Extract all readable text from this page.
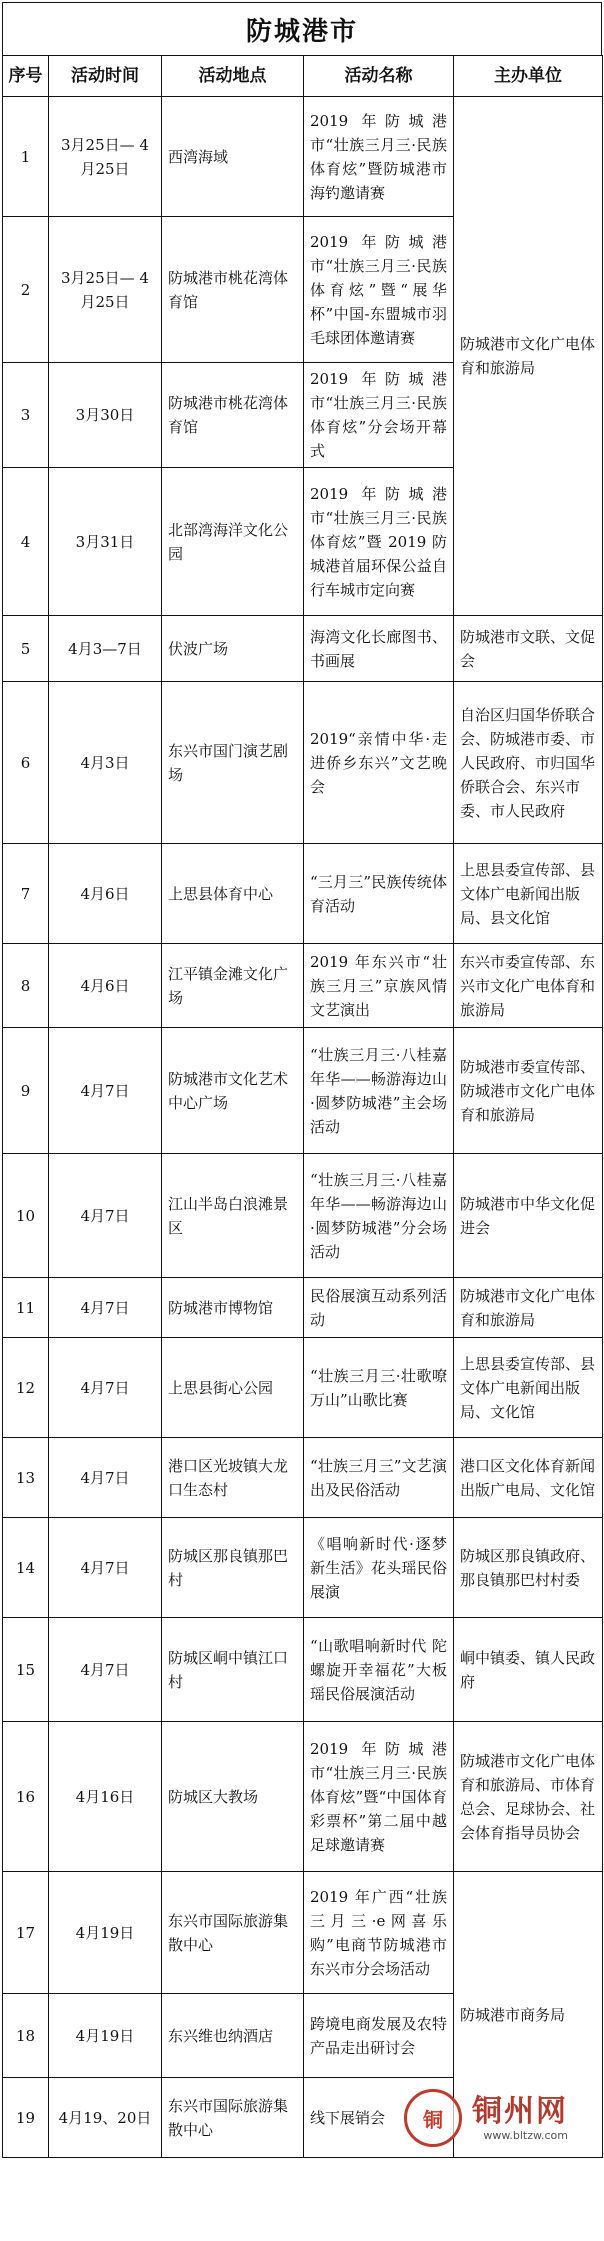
防城港市
序号	活动时间	活动地点	活动名称	主办单位
1	3月25日— 4月25日	西湾海域	2019 年防城港市“壮族三月三·民族体育炫”暨防城港市海钓邀请赛	防城港市文化广电体育和旅游局
2	3月25日— 4月25日	防城港市桃花湾体育馆	2019 年防城港市“壮族三月三·民族体育炫”暨“展华杯”中国-东盟城市羽毛球团体邀请赛	
3	3月30日	防城港市桃花湾体育馆	2019 年防城港市“壮族三月三·民族体育炫”分会场开幕式	
4	3月31日	北部湾海洋文化公园	2019 年防城港市“壮族三月三·民族体育炫”暨 2019 防城港首届环保公益自行车城市定向赛	
5	4月3—7日	伏波广场	海湾文化长廊图书、书画展	防城港市文联、文促会
6	4月3日	东兴市国门演艺剧场	2019“亲情中华·走进侨乡东兴”文艺晚会	自治区归国华侨联合会、防城港市委、市人民政府、市归国华侨联合会、东兴市委、市人民政府
7	4月6日	上思县体育中心	“三月三”民族传统体育活动	上思县委宣传部、县文体广电新闻出版局、县文化馆
8	4月6日	江平镇金滩文化广场	2019 年东兴市“壮族三月三”京族风情文艺演出	东兴市委宣传部、东兴市文化广电体育和旅游局
9	4月7日	防城港市文化艺术中心广场	“壮族三月三·八桂嘉年华——畅游海边山·圆梦防城港”主会场活动	防城港市委宣传部、防城港市文化广电体育和旅游局
10	4月7日	江山半岛白浪滩景区	“壮族三月三·八桂嘉年华——畅游海边山·圆梦防城港”分会场活动	防城港市中华文化促进会
11	4月7日	防城港市博物馆	民俗展演互动系列活动	防城港市文化广电体育和旅游局
12	4月7日	上思县街心公园	“壮族三月三·壮歌嘹万山”山歌比赛	上思县委宣传部、县文体广电新闻出版局、文化馆
13	4月7日	港口区光坡镇大龙口生态村	“壮族三月三”文艺演出及民俗活动	港口区文化体育新闻出版广电局、文化馆
14	4月7日	防城区那良镇那巴村	《唱响新时代·逐梦新生活》花头瑶民俗展演	防城区那良镇政府、那良镇那巴村村委
15	4月7日	防城区峒中镇江口村	“山歌唱响新时代 陀螺旋开幸福花”大板瑶民俗展演活动	峒中镇委、镇人民政府
16	4月16日	防城区大教场	2019 年防城港市“壮族三月三·民族体育炫”暨“中国体育彩票杯”第二届中越足球邀请赛	防城港市文化广电体育和旅游局、市体育总会、足球协会、社会体育指导员协会
17	4月19日	东兴市国际旅游集散中心	2019 年广西“壮族三月三·e网喜乐购”电商节防城港市东兴市分会场活动	防城港市商务局
18	4月19日	东兴维也纳酒店	跨境电商发展及农特产品走出研讨会	
19	4月19、20日	东兴市国际旅游集散中心	线下展销会		铜 铜州网
www.bltzw.com
